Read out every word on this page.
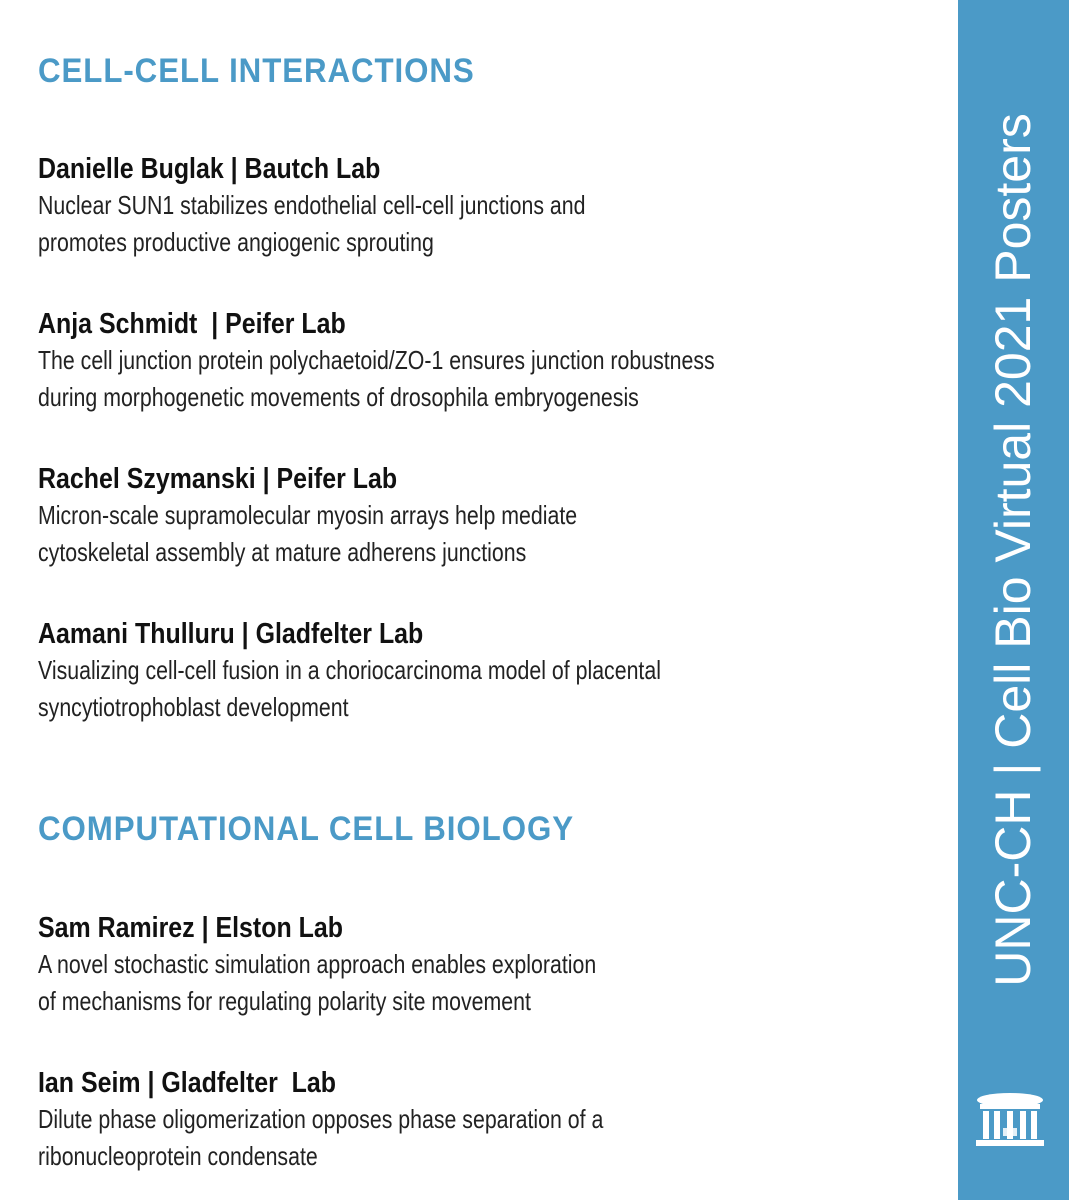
CELL-CELL INTERACTIONS
Danielle Buglak | Bautch Lab
Nuclear SUN1 stabilizes endothelial cell-cell junctions and
promotes productive angiogenic sprouting
Anja Schmidt  | Peifer Lab
The cell junction protein polychaetoid/ZO-1 ensures junction robustness
during morphogenetic movements of drosophila embryogenesis
Rachel Szymanski | Peifer Lab
Micron-scale supramolecular myosin arrays help mediate
cytoskeletal assembly at mature adherens junctions
Aamani Thulluru | Gladfelter Lab
Visualizing cell-cell fusion in a choriocarcinoma model of placental
syncytiotrophoblast development
COMPUTATIONAL CELL BIOLOGY
Sam Ramirez | Elston Lab
A novel stochastic simulation approach enables exploration
of mechanisms for regulating polarity site movement
Ian Seim | Gladfelter  Lab
Dilute phase oligomerization opposes phase separation of a
ribonucleoprotein condensate
UNC-CH | Cell Bio Virtual 2021 Posters
